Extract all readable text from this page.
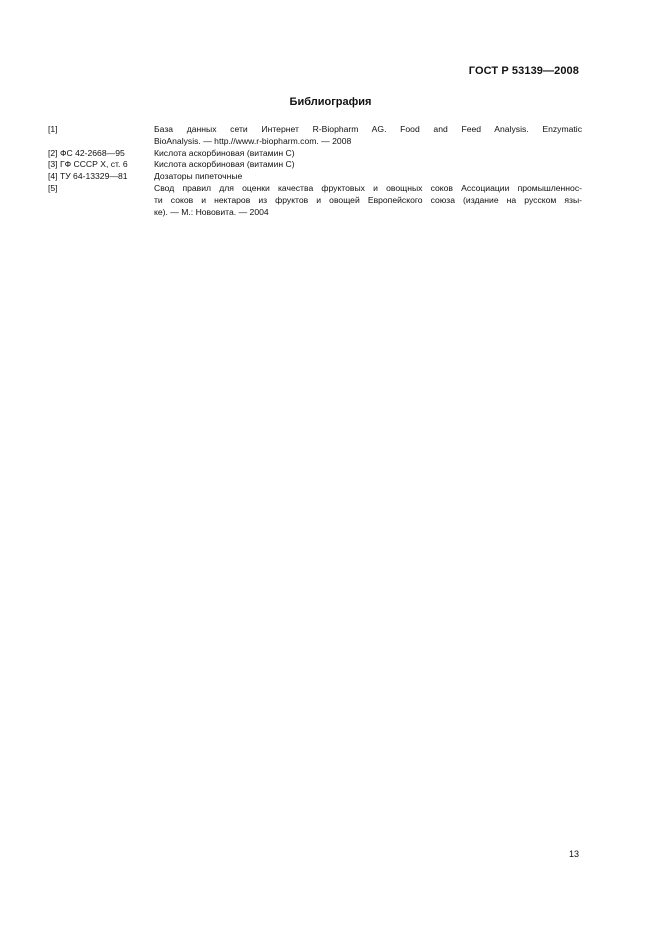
ГОСТ Р 53139—2008
Библиография
[1]	База данных сети Интернет R-Biopharm AG. Food and Feed Analysis. Enzymatic
BioAnalysis. — http.//www.r-biopharm.com. — 2008
[2] ФС 42-2668—95	Кислота аскорбиновая (витамин С)
[3] ГФ СССР X, ст. 6	Кислота аскорбиновая (витамин С)
[4] ТУ 64-13329—81	Дозаторы пипеточные
[5]	Свод правил для оценки качества фруктовых и овощных соков Ассоциации промышленнос-
ти соков и нектаров из фруктов и овощей Европейского союза (издание на русском язы-
ке). — М.: Нововита. — 2004
13
